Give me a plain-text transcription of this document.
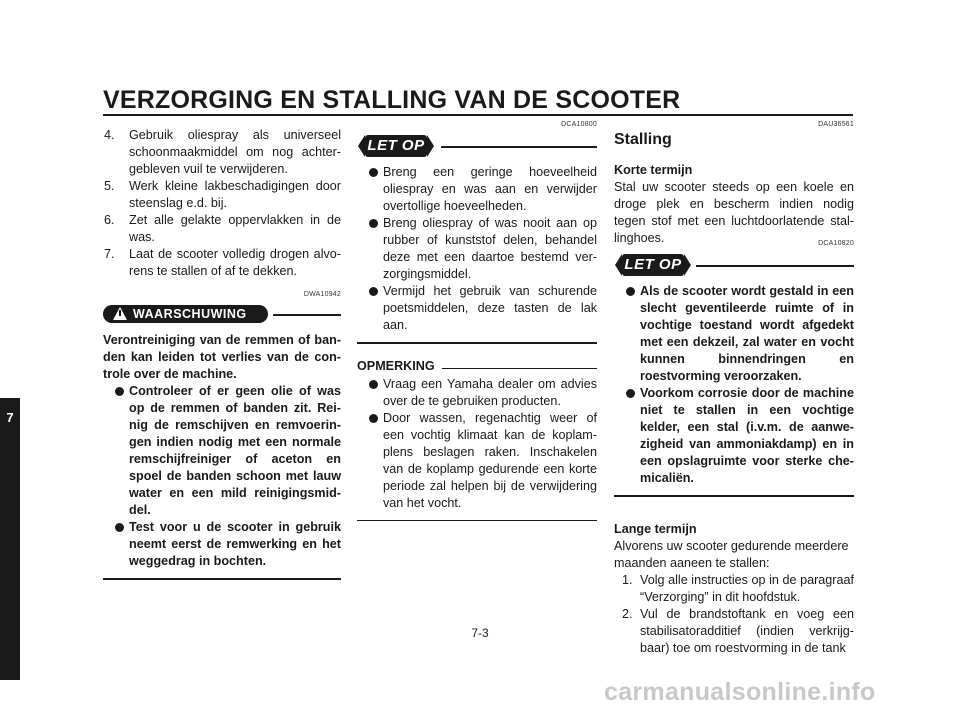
VERZORGING EN STALLING VAN DE SCOOTER
7
4. Gebruik oliespray als universeel schoonmaakmiddel om nog achtergebleven vuil te verwijderen.
5. Werk kleine lakbeschadigingen door steenslag e.d. bij.
6. Zet alle gelakte oppervlakken in de was.
7. Laat de scooter volledig drogen alvorens te stallen of af te dekken.
DWA10942
WAARSCHUWING
Verontreiniging van de remmen of banden kan leiden tot verlies van de controle over de machine.
Controleer of er geen olie of was op de remmen of banden zit. Reinig de remschijven en remvoeringen indien nodig met een normale remschijfreiniger of aceton en spoel de banden schoon met lauw water en een mild reinigingsmiddel.
Test voor u de scooter in gebruik neemt eerst de remwerking en het weggedrag in bochten.
DCA10800
LET OP
Breng een geringe hoeveelheid oliespray en was aan en verwijder overtollige hoeveelheden.
Breng oliespray of was nooit aan op rubber of kunststof delen, behandel deze met een daartoe bestemd verzorgingsmiddel.
Vermijd het gebruik van schurende poetsmiddelen, deze tasten de lak aan.
OPMERKING
Vraag een Yamaha dealer om advies over de te gebruiken producten.
Door wassen, regenachtig weer of een vochtig klimaat kan de koplamplens beslagen raken. Inschakelen van de koplamp gedurende een korte periode zal helpen bij de verwijdering van het vocht.
DAU36561
Stalling
Korte termijn
Stal uw scooter steeds op een koele en droge plek en bescherm indien nodig tegen stof met een luchtdoorlatende stallinghoes.	DCA10820
LET OP
Als de scooter wordt gestald in een slecht geventileerde ruimte of in vochtige toestand wordt afgedekt met een dekzeil, zal water en vocht kunnen binnendringen en roestvorming veroorzaken.
Voorkom corrosie door de machine niet te stallen in een vochtige kelder, een stal (i.v.m. de aanwezigheid van ammoniakdamp) en in een opslagruimte voor sterke chemicaliën.
Lange termijn
Alvorens uw scooter gedurende meerdere maanden aaneen te stallen:
1. Volg alle instructies op in de paragraaf “Verzorging” in dit hoofdstuk.
2. Vul de brandstoftank en voeg een stabilisatoradditief (indien verkrijgbaar) toe om roestvorming in de tank
7-3
carmanualsonline.info
